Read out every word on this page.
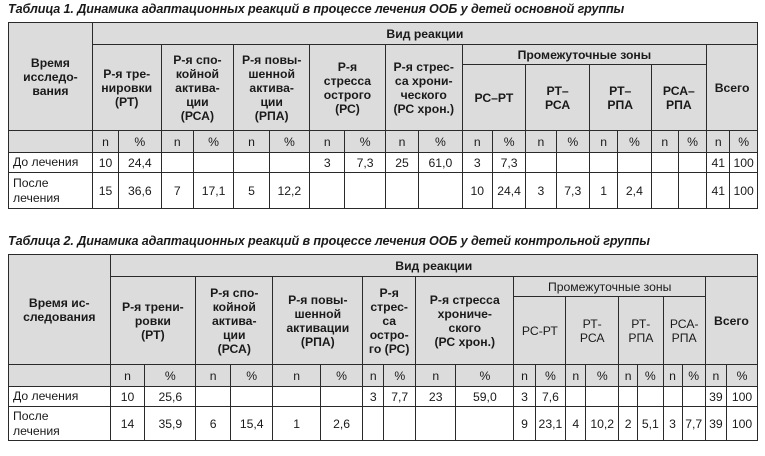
Таблица 1. Динамика адаптационных реакций в процессе лечения ООБ у детей основной группы
Время
исследо-
вания	Вид реакции																			
	Р-я тре-
нировки
(РТ)		Р-я спо-
койной
актива-
ции
(РСА)		Р-я повы-
шенной
актива-
ции
(РПА)		Р-я
стресса
острого
(РС)		Р-я стрес-
са хрони-
ческого
(РС хрон.)		Промежуточные зоны								Всего	
											РС–РТ		РТ–
РСА		РТ–
РПА		РСА–
РПА			
	n	%	n	%	n	%	n	%	n	%	n	%	n	%	n	%	n	%	n	%
До лечения	10	24,4					3	7,3	25	61,0	3	7,3							41	100
После
лечения	15	36,6	7	17,1	5	12,2					10	24,4	3	7,3	1	2,4			41	100
Таблица 2. Динамика адаптационных реакций в процессе лечения ООБ у детей контрольной группы
Время ис-
следования	Вид реакции																			
	Р-я трени-
ровки
(РТ)		Р-я спо-
койной
актива-
ции
(РСА)		Р-я повы-
шенной
активации
(РПА)		Р-я
стрес-
са
остро-
го (РС)		Р-я стресса
хрониче-
ского
(РС хрон.)		Промежуточные зоны								Всего	
											РС-РТ		РТ-
РСА		РТ-
РПА		РСА-
РПА			
	n	%	n	%	n	%	n	%	n	%	n	%	n	%	n	%	n	%	n	%
До лечения	10	25,6					3	7,7	23	59,0	3	7,6							39	100
После
лечения	14	35,9	6	15,4	1	2,6					9	23,1	4	10,2	2	5,1	3	7,7	39	100
